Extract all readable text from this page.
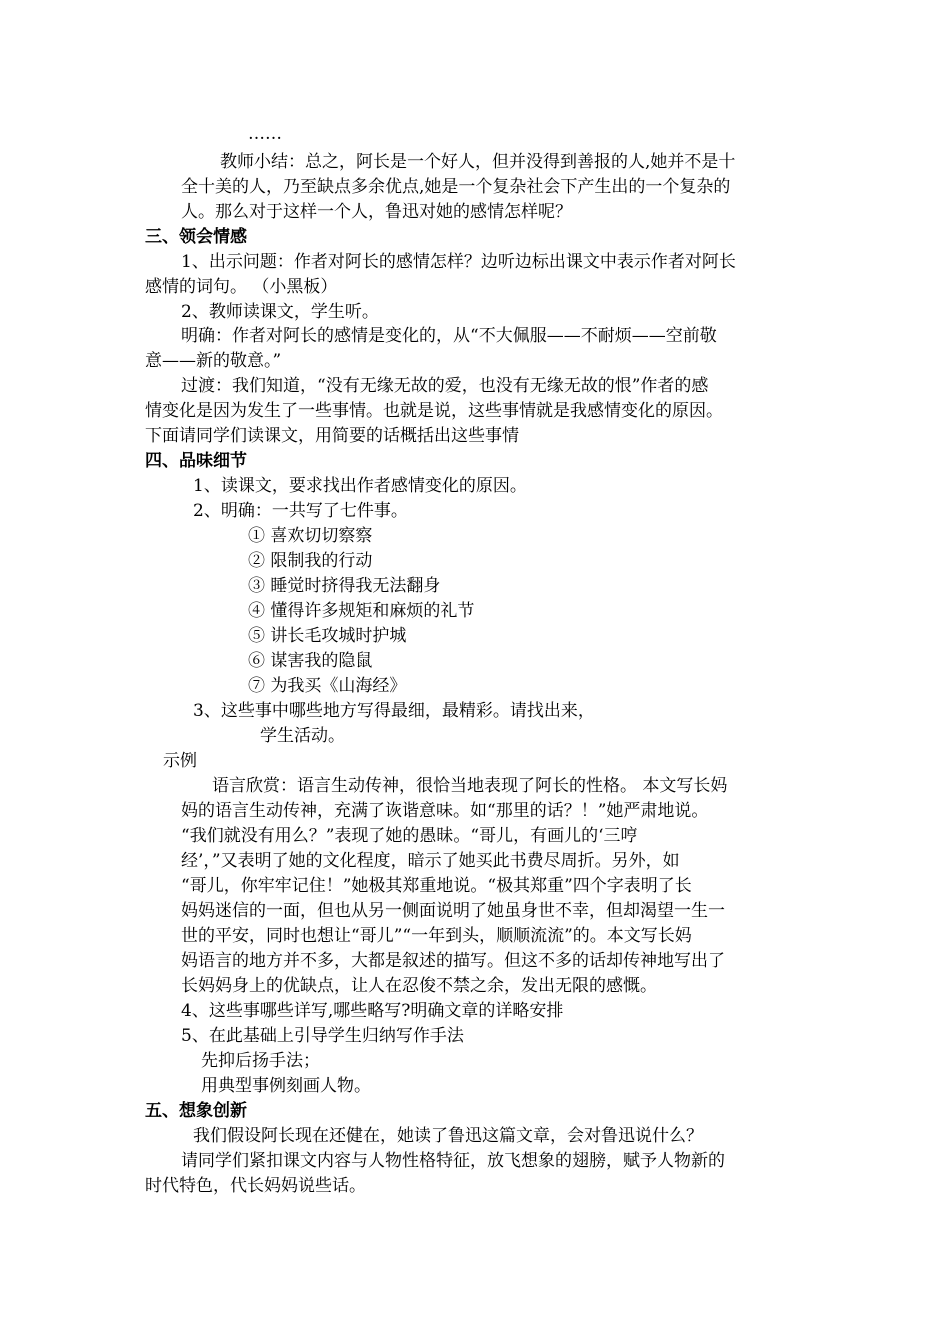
……
教师小结：总之，阿长是一个好人，但并没得到善报的人,她并不是十
全十美的人，乃至缺点多余优点,她是一个复杂社会下产生出的一个复杂的
人。那么对于这样一个人，鲁迅对她的感情怎样呢？
三、领会情感
1、出示问题：作者对阿长的感情怎样？边听边标出课文中表示作者对阿长
感情的词句。 （小黑板）
2、教师读课文，学生听。
明确：作者对阿长的感情是变化的，从“不大佩服——不耐烦——空前敬
意——新的敬意。”
过渡：我们知道，“没有无缘无故的爱，也没有无缘无故的恨”作者的感
情变化是因为发生了一些事情。也就是说，这些事情就是我感情变化的原因。
下面请同学们读课文，用简要的话概括出这些事情
四、品味细节
1、读课文，要求找出作者感情变化的原因。
2、明确：一共写了七件事。
① 喜欢切切察察
② 限制我的行动
③ 睡觉时挤得我无法翻身
④ 懂得许多规矩和麻烦的礼节
⑤ 讲长毛攻城时护城
⑥ 谋害我的隐鼠
⑦ 为我买《山海经》
3、这些事中哪些地方写得最细，最精彩。请找出来，
学生活动。
示例
语言欣赏：语言生动传神，很恰当地表现了阿长的性格。 本文写长妈
妈的语言生动传神，充满了诙谐意味。如“那里的话？！”她严肃地说。
“我们就没有用么？”表现了她的愚昧。“哥儿，有画儿的‘三哼
经’，”又表明了她的文化程度，暗示了她买此书费尽周折。另外，如
“哥儿，你牢牢记住！”她极其郑重地说。“极其郑重”四个字表明了长
妈妈迷信的一面，但也从另一侧面说明了她虽身世不幸，但却渴望一生一
世的平安，同时也想让“哥儿”“一年到头，顺顺流流”的。本文写长妈
妈语言的地方并不多，大都是叙述的描写。但这不多的话却传神地写出了
长妈妈身上的优缺点，让人在忍俊不禁之余，发出无限的感慨。
4、这些事哪些详写,哪些略写?明确文章的详略安排
5、在此基础上引导学生归纳写作手法
先抑后扬手法；
用典型事例刻画人物。
五、想象创新
我们假设阿长现在还健在，她读了鲁迅这篇文章，会对鲁迅说什么？
请同学们紧扣课文内容与人物性格特征，放飞想象的翅膀，赋予人物新的
时代特色，代长妈妈说些话。
